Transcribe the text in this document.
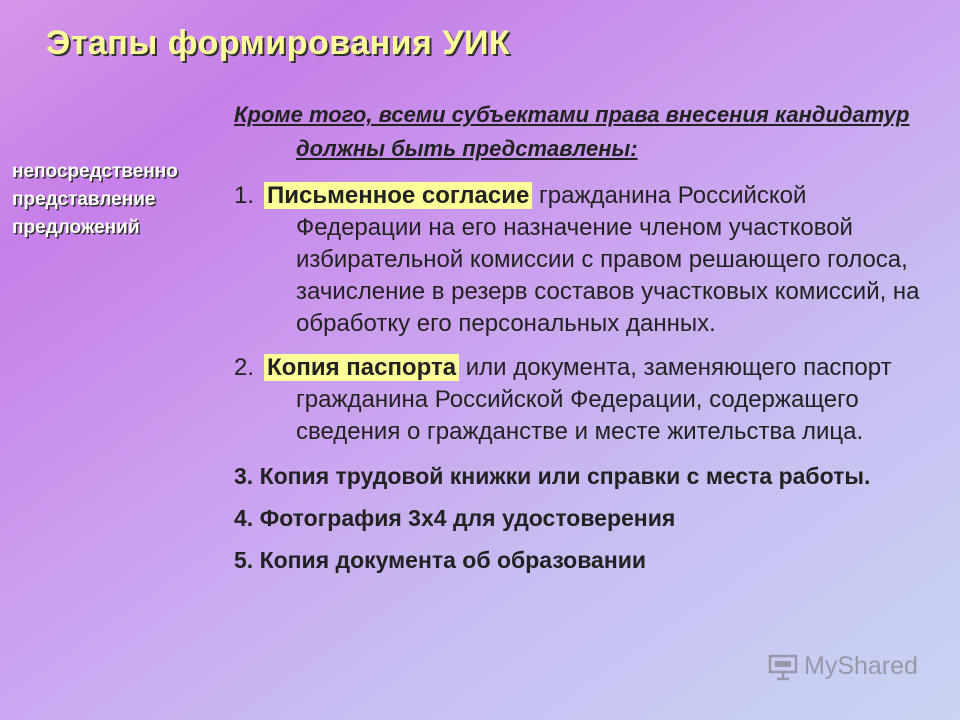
Этапы формирования УИК
непосредственно
представление
предложений

Кроме того, всеми субъектами права внесения кандидатур должны быть представлены:

1. Письменное согласие гражданина Российской Федерации на его назначение членом участковой избирательной комиссии с правом решающего голоса, зачисление в резерв составов участковых комиссий, на обработку его персональных данных.

2. Копия паспорта или документа, заменяющего паспорт гражданина Российской Федерации, содержащего сведения о гражданстве и месте жительства лица.

3. Копия трудовой книжки или справки с места работы.

4. Фотография 3х4 для удостоверения

5. Копия документа об образовании

MyShared
